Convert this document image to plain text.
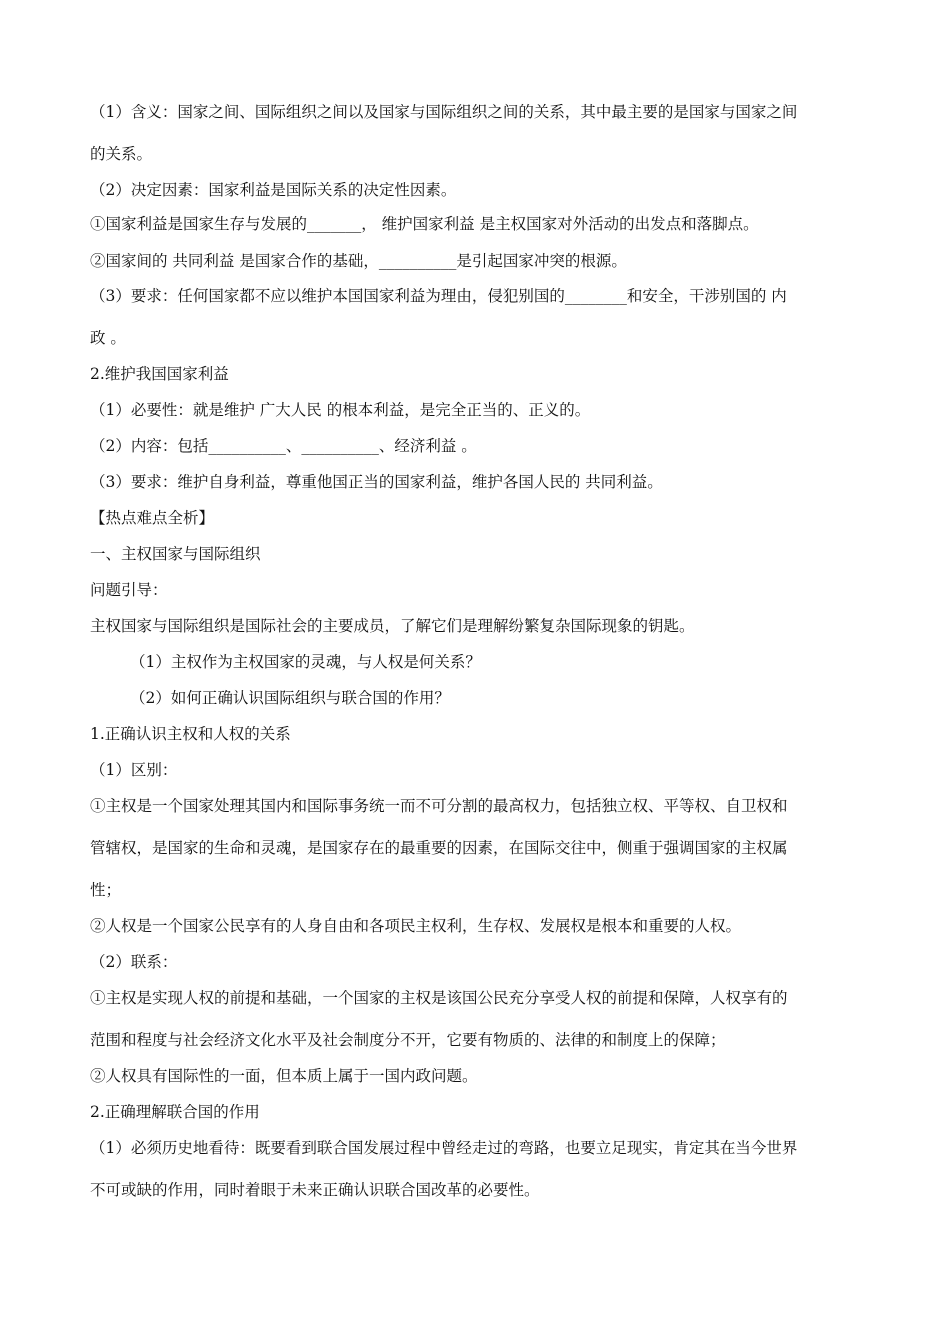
（1）含义：国家之间、国际组织之间以及国家与国际组织之间的关系，其中最主要的是国家与国家之间
的关系。
（2）决定因素：国家利益是国际关系的决定性因素。
①国家利益是国家生存与发展的_______， 维护国家利益 是主权国家对外活动的出发点和落脚点。
②国家间的 共同利益 是国家合作的基础，__________是引起国家冲突的根源。
（3）要求：任何国家都不应以维护本国国家利益为理由，侵犯别国的________和安全，干涉别国的 内
政 。
2.维护我国国家利益
（1）必要性：就是维护 广大人民 的根本利益，是完全正当的、正义的。
（2）内容：包括__________、__________、经济利益 。
（3）要求：维护自身利益，尊重他国正当的国家利益，维护各国人民的 共同利益。
【热点难点全析】
一、主权国家与国际组织
问题引导：
主权国家与国际组织是国际社会的主要成员，了解它们是理解纷繁复杂国际现象的钥匙。
（1）主权作为主权国家的灵魂，与人权是何关系？
（2）如何正确认识国际组织与联合国的作用？
1.正确认识主权和人权的关系
（1）区别：
①主权是一个国家处理其国内和国际事务统一而不可分割的最高权力，包括独立权、平等权、自卫权和
管辖权，是国家的生命和灵魂，是国家存在的最重要的因素，在国际交往中，侧重于强调国家的主权属
性；
②人权是一个国家公民享有的人身自由和各项民主权利，生存权、发展权是根本和重要的人权。
（2）联系：
①主权是实现人权的前提和基础，一个国家的主权是该国公民充分享受人权的前提和保障，人权享有的
范围和程度与社会经济文化水平及社会制度分不开，它要有物质的、法律的和制度上的保障；
②人权具有国际性的一面，但本质上属于一国内政问题。
2.正确理解联合国的作用
（1）必须历史地看待：既要看到联合国发展过程中曾经走过的弯路，也要立足现实，肯定其在当今世界
不可或缺的作用，同时着眼于未来正确认识联合国改革的必要性。
